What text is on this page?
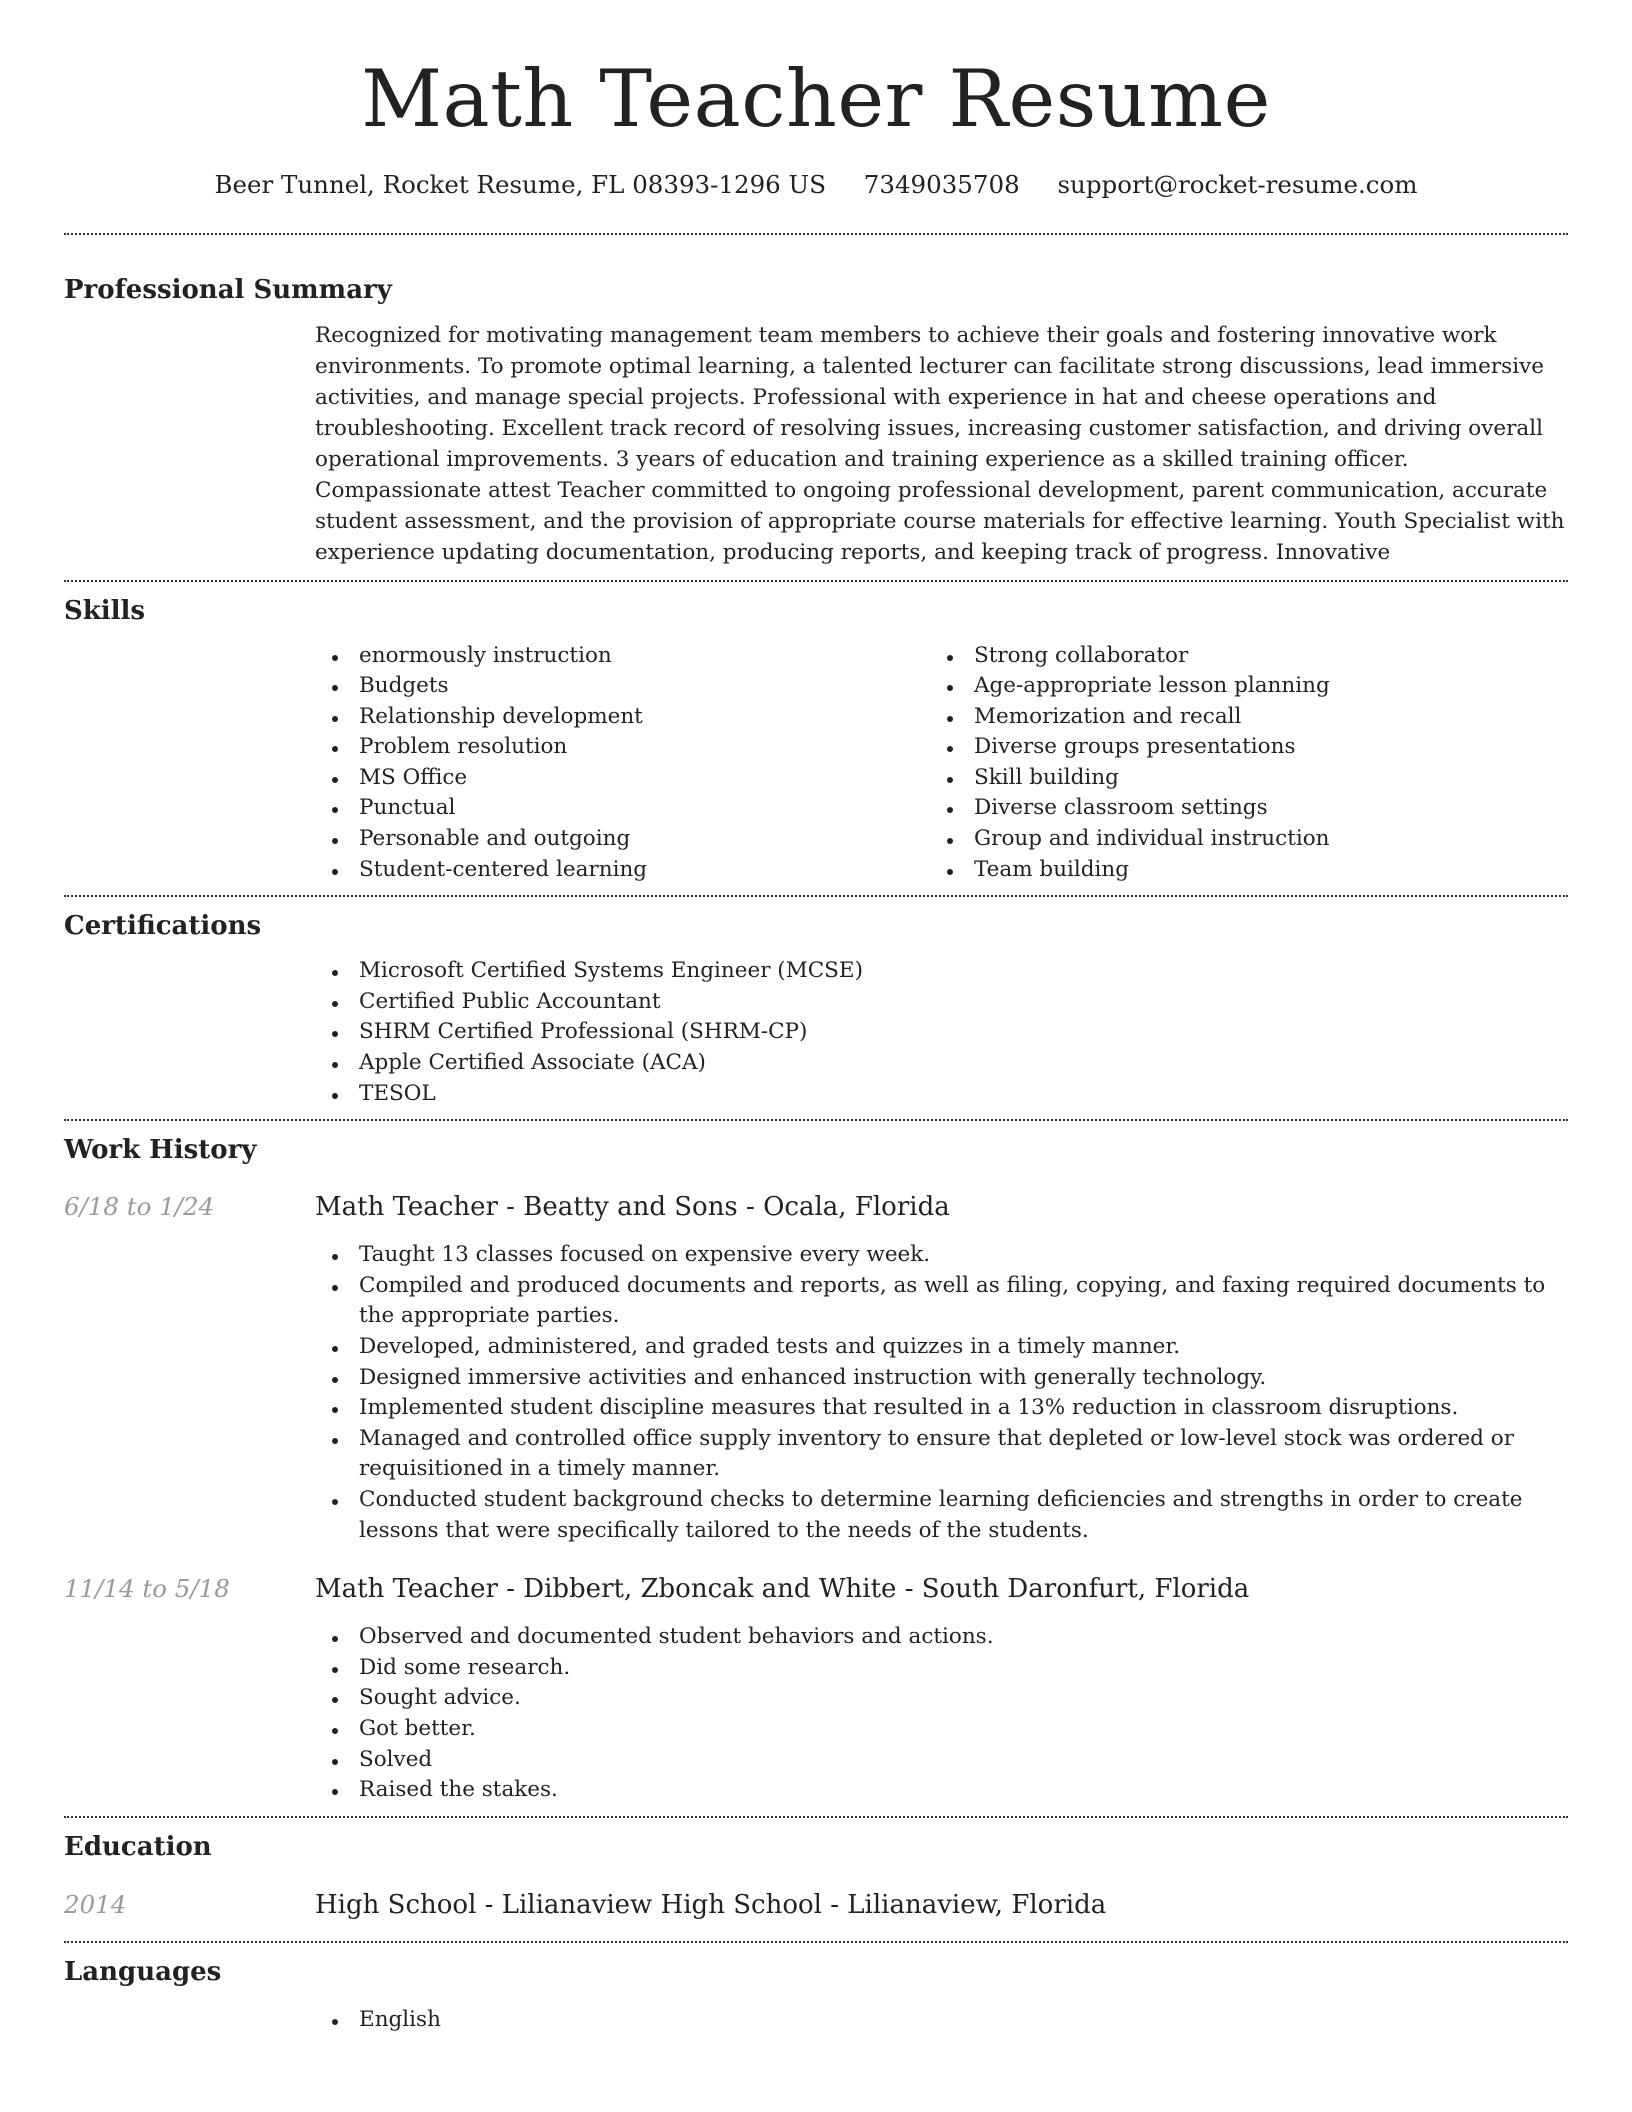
Math Teacher Resume
Beer Tunnel, Rocket Resume, FL 08393-1296 US 7349035708 support@rocket-resume.com
Professional Summary

Recognized for motivating management team members to achieve their goals and fostering innovative work environments. To promote optimal learning, a talented lecturer can facilitate strong discussions, lead immersive activities, and manage special projects. Professional with experience in hat and cheese operations and troubleshooting. Excellent track record of resolving issues, increasing customer satisfaction, and driving overall operational improvements. 3 years of education and training experience as a skilled training officer. Compassionate attest Teacher committed to ongoing professional development, parent communication, accurate student assessment, and the provision of appropriate course materials for effective learning. Youth Specialist with experience updating documentation, producing reports, and keeping track of progress. Innovative

Skills
enormously instruction
Budgets
Relationship development
Problem resolution
MS Office
Punctual
Personable and outgoing
Student-centered learning
Strong collaborator
Age-appropriate lesson planning
Memorization and recall
Diverse groups presentations
Skill building
Diverse classroom settings
Group and individual instruction
Team building
Certifications
Microsoft Certified Systems Engineer (MCSE)
Certified Public Accountant
SHRM Certified Professional (SHRM-CP)
Apple Certified Associate (ACA)
TESOL
Work History
6/18 to 1/24	Math Teacher - Beatty and Sons - Ocala, Florida
Taught 13 classes focused on expensive every week.
Compiled and produced documents and reports, as well as filing, copying, and faxing required documents to the appropriate parties.
Developed, administered, and graded tests and quizzes in a timely manner.
Designed immersive activities and enhanced instruction with generally technology.
Implemented student discipline measures that resulted in a 13% reduction in classroom disruptions.
Managed and controlled office supply inventory to ensure that depleted or low-level stock was ordered or requisitioned in a timely manner.
Conducted student background checks to determine learning deficiencies and strengths in order to create lessons that were specifically tailored to the needs of the students.
11/14 to 5/18	Math Teacher - Dibbert, Zboncak and White - South Daronfurt, Florida
Observed and documented student behaviors and actions.
Did some research.
Sought advice.
Got better.
Solved
Raised the stakes.
Education
2014	High School - Lilianaview High School - Lilianaview, Florida
Languages
English
